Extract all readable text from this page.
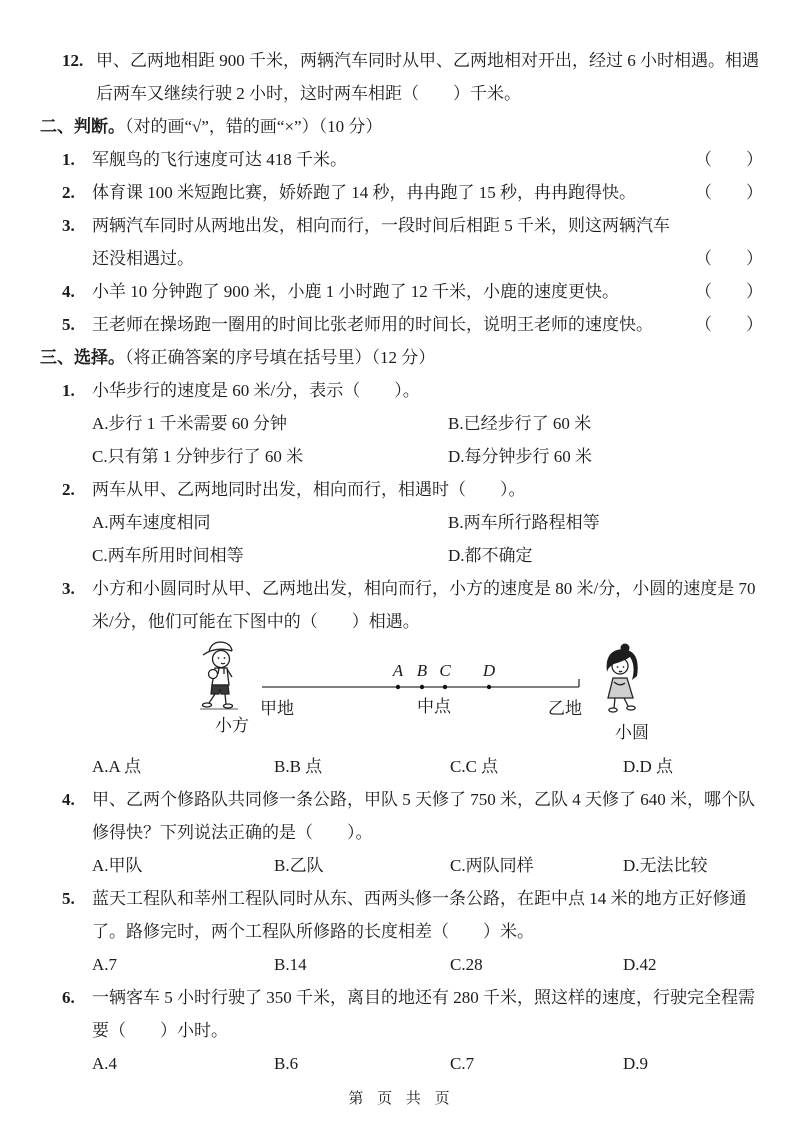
12. 甲、乙两地相距 900 千米，两辆汽车同时从甲、乙两地相对开出，经过 6 小时相遇。相遇后两车又继续行驶 2 小时，这时两车相距（　　）千米。
二、判断。（对的画“√”，错的画“×”）（10 分）
1.	军舰鸟的飞行速度可达 418 千米。	（　　）
2.	体育课 100 米短跑比赛，娇娇跑了 14 秒，冉冉跑了 15 秒，冉冉跑得快。	（　　）
3.	两辆汽车同时从两地出发，相向而行，一段时间后相距 5 千米，则这两辆汽车还没相遇过。	（　　）
4.	小羊 10 分钟跑了 900 米，小鹿 1 小时跑了 12 千米，小鹿的速度更快。	（　　）
5.	王老师在操场跑一圈用的时间比张老师用的时间长，说明王老师的速度快。	（　　）
三、选择。（将正确答案的序号填在括号里）（12 分）
1.	小华步行的速度是 60 米/分，表示（　　）。
A.步行 1 千米需要 60 分钟	B.已经步行了 60 米
C.只有第 1 分钟步行了 60 米	D.每分钟步行 60 米
2.	两车从甲、乙两地同时出发，相向而行，相遇时（　　）。
A.两车速度相同	B.两车所行路程相等
C.两车所用时间相等	D.都不确定
3.	小方和小圆同时从甲、乙两地出发，相向而行，小方的速度是 80 米/分，小圆的速度是 70 米/分，他们可能在下图中的（　　）相遇。
A B C D
甲地	中点	乙地
小方	小圆
A.A 点	B.B 点	C.C 点	D.D 点
4.	甲、乙两个修路队共同修一条公路，甲队 5 天修了 750 米，乙队 4 天修了 640 米，哪个队修得快？下列说法正确的是（　　）。
A.甲队	B.乙队	C.两队同样	D.无法比较
5.	蓝天工程队和莘州工程队同时从东、西两头修一条公路，在距中点 14 米的地方正好修通了。路修完时，两个工程队所修路的长度相差（　　）米。
A.7	B.14	C.28	D.42
6.	一辆客车 5 小时行驶了 350 千米，离目的地还有 280 千米，照这样的速度，行驶完全程需要（　　）小时。
A.4	B.6	C.7	D.9
第 页 共 页
